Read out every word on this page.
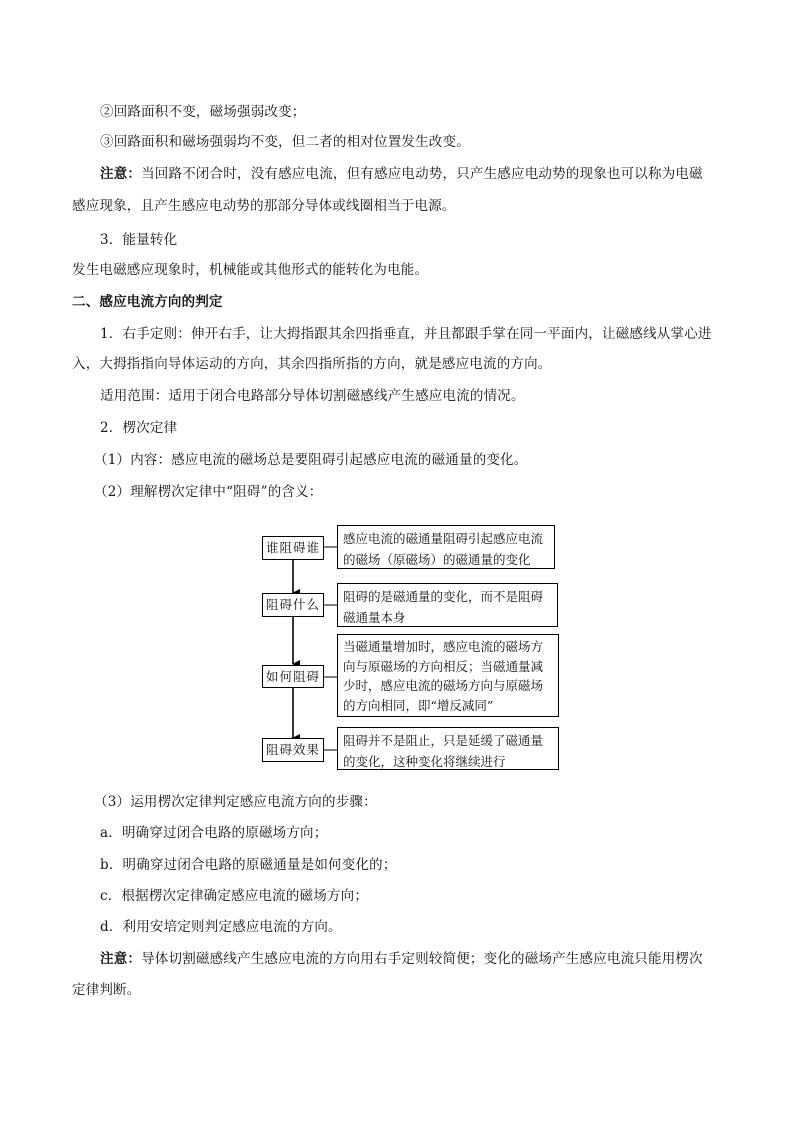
②回路面积不变，磁场强弱改变；
③回路面积和磁场强弱均不变，但二者的相对位置发生改变。
注意：当回路不闭合时，没有感应电流，但有感应电动势，只产生感应电动势的现象也可以称为电磁
感应现象，且产生感应电动势的那部分导体或线圈相当于电源。
3．能量转化
发生电磁感应现象时，机械能或其他形式的能转化为电能。
二、感应电流方向的判定
1．右手定则：伸开右手，让大拇指跟其余四指垂直，并且都跟手掌在同一平面内，让磁感线从掌心进
入，大拇指指向导体运动的方向，其余四指所指的方向，就是感应电流的方向。
适用范围：适用于闭合电路部分导体切割磁感线产生感应电流的情况。
2．楞次定律
（1）内容：感应电流的磁场总是要阻碍引起感应电流的磁通量的变化。
（2）理解楞次定律中“阻碍”的含义：
谁阻碍谁
感应电流的磁通量阻碍引起感应电流的磁场（原磁场）的磁通量的变化
阻碍什么
阻碍的是磁通量的变化，而不是阻碍磁通量本身
如何阻碍
当磁通量增加时，感应电流的磁场方向与原磁场的方向相反；当磁通量减少时，感应电流的磁场方向与原磁场的方向相同，即“增反减同”
阻碍效果
阻碍并不是阻止，只是延缓了磁通量的变化，这种变化将继续进行
（3）运用楞次定律判定感应电流方向的步骤：
a．明确穿过闭合电路的原磁场方向；
b．明确穿过闭合电路的原磁通量是如何变化的；
c．根据楞次定律确定感应电流的磁场方向；
d．利用安培定则判定感应电流的方向。
注意：导体切割磁感线产生感应电流的方向用右手定则较简便；变化的磁场产生感应电流只能用楞次
定律判断。
